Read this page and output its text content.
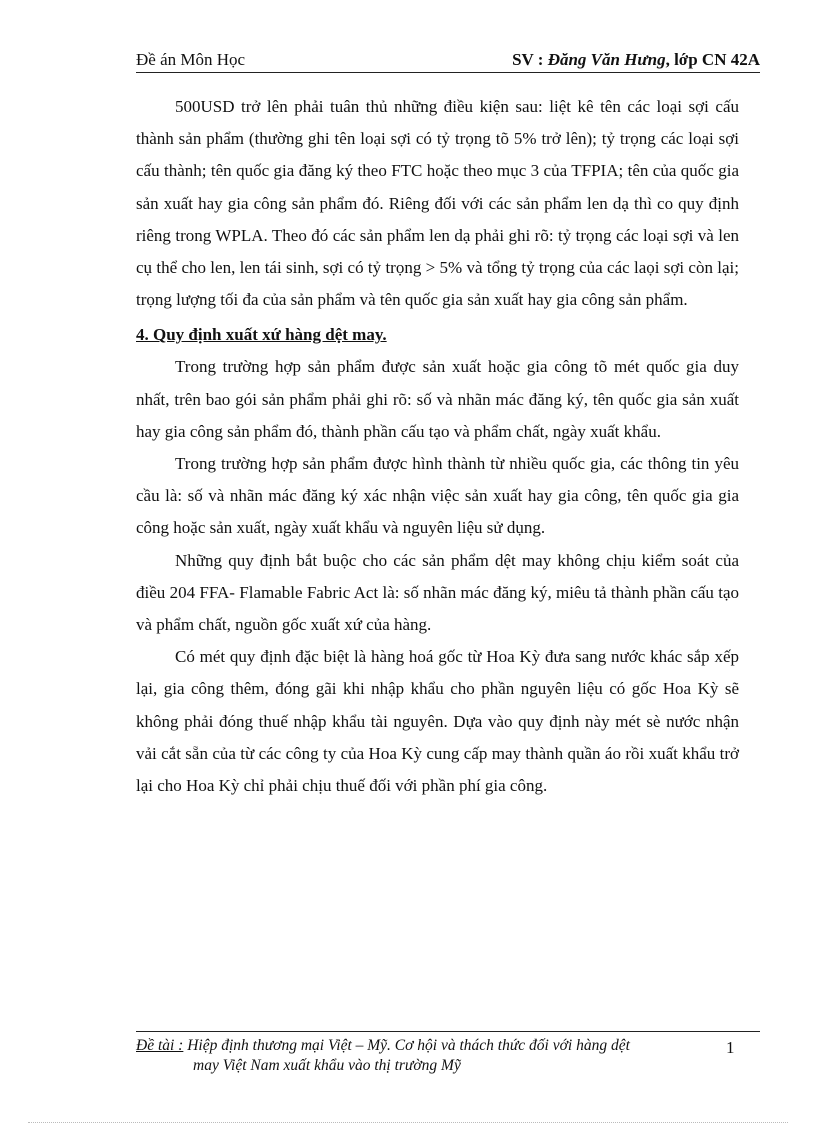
Đề án Môn Học	SV : Đăng Văn Hưng, lớp CN 42A

500USD trở lên phải tuân thủ những điều kiện sau: liệt kê tên các loại sợi cấu thành sản phẩm (thường ghi tên loại sợi có tỷ trọng tõ 5% trở lên); tỷ trọng các loại sợi cấu thành; tên quốc gia đăng ký theo FTC hoặc theo mục 3 của TFPIA; tên của quốc gia sản xuất hay gia công sản phẩm đó. Riêng đối với các sản phẩm len dạ thì co quy định riêng trong WPLA. Theo đó các sản phẩm len dạ phải ghi rõ: tỷ trọng các loại sợi và len cụ thể cho len, len tái sinh, sợi có tỷ trọng > 5% và tổng tỷ trọng của các laọi sợi còn lại; trọng lượng tối đa của sản phẩm và tên quốc gia sản xuất hay gia công sản phẩm.

4. Quy định xuất xứ hàng dệt may.

Trong trường hợp sản phẩm được sản xuất hoặc gia công tõ mét quốc gia duy nhất, trên bao gói sản phẩm phải ghi rõ: số và nhãn mác đăng ký, tên quốc gia sản xuất hay gia công sản phẩm đó, thành phần cấu tạo và phẩm chất, ngày xuất khẩu.

Trong trường hợp sản phẩm được hình thành từ nhiều quốc gia, các thông tin yêu cầu là: số và nhãn mác đăng ký xác nhận việc sản xuất hay gia công, tên quốc gia gia công hoặc sản xuất, ngày xuất khẩu và nguyên liệu sử dụng.

Những quy định bắt buộc cho các sản phẩm dệt may không chịu kiểm soát của điều 204 FFA- Flamable Fabric Act là: số nhãn mác đăng ký, miêu tả thành phần cấu tạo và phẩm chất, nguồn gốc xuất xứ của hàng.

Có mét quy định đặc biệt là hàng hoá gốc từ Hoa Kỳ đưa sang nước khác sắp xếp lại, gia công thêm, đóng gãi khi nhập khẩu cho phần nguyên liệu có gốc Hoa Kỳ sẽ không phải đóng thuế nhập khẩu tài nguyên. Dựa vào quy định này mét sè nước nhận vải cắt sẵn của từ các công ty của Hoa Kỳ cung cấp may thành quần áo rồi xuất khẩu trở lại cho Hoa Kỳ chỉ phải chịu thuế đối với phần phí gia công.

Đề tài : Hiệp định thương mại Việt – Mỹ. Cơ hội và thách thức đối với hàng dệt
may Việt Nam xuất khẩu vào thị trường Mỹ
1
